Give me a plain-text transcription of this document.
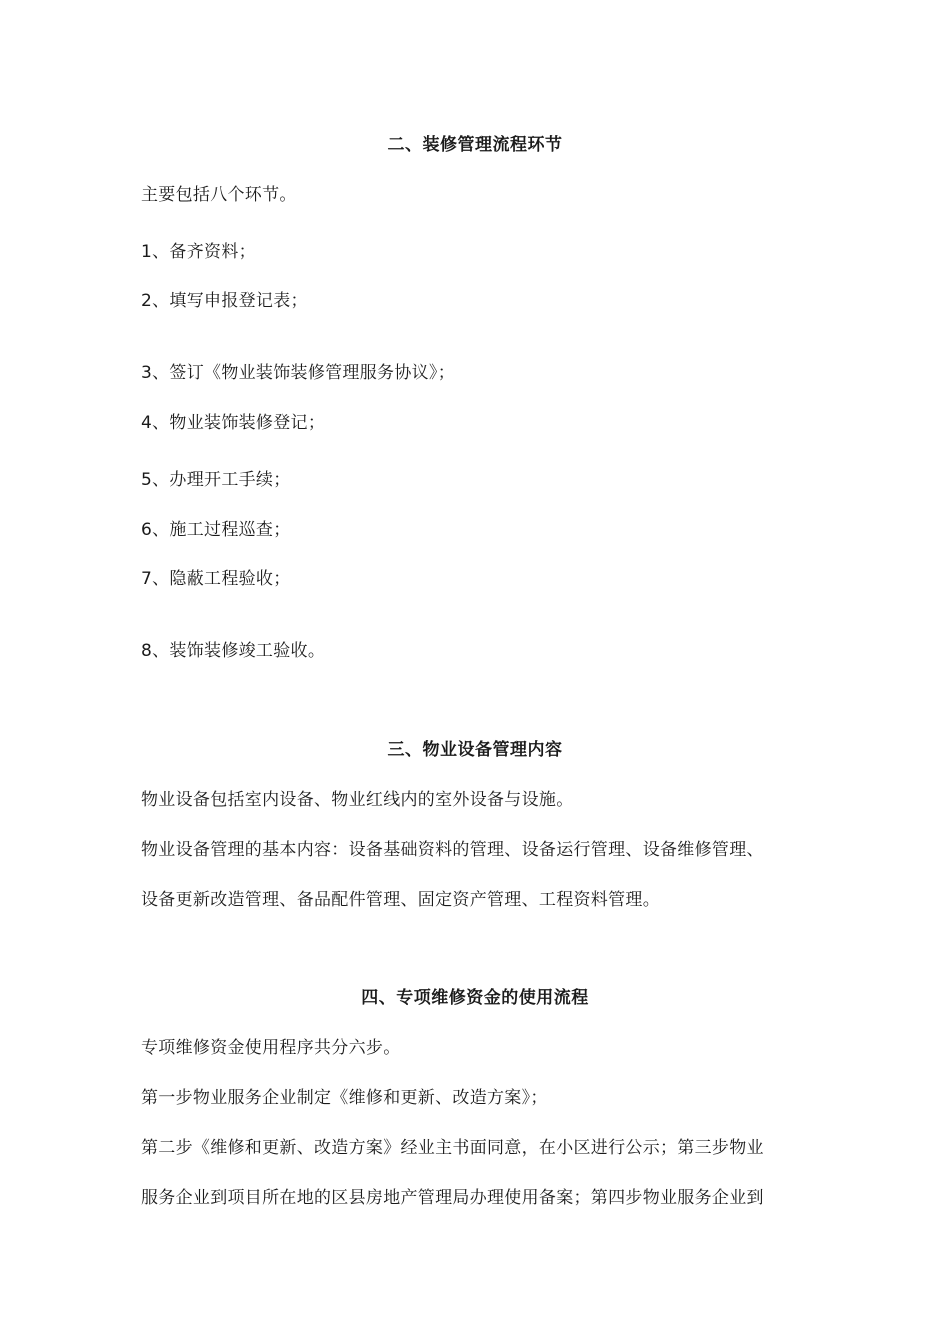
二、装修管理流程环节
主要包括八个环节。
1、备齐资料；
2、填写申报登记表；
3、签订《物业装饰装修管理服务协议》；
4、物业装饰装修登记；
5、办理开工手续；
6、施工过程巡查；
7、隐蔽工程验收；
8、装饰装修竣工验收。
三、物业设备管理内容
物业设备包括室内设备、物业红线内的室外设备与设施。
物业设备管理的基本内容：设备基础资料的管理、设备运行管理、设备维修管理、
设备更新改造管理、备品配件管理、固定资产管理、工程资料管理。
四、专项维修资金的使用流程
专项维修资金使用程序共分六步。
第一步物业服务企业制定《维修和更新、改造方案》；
第二步《维修和更新、改造方案》经业主书面同意，在小区进行公示；第三步物业
服务企业到项目所在地的区县房地产管理局办理使用备案；第四步物业服务企业到
